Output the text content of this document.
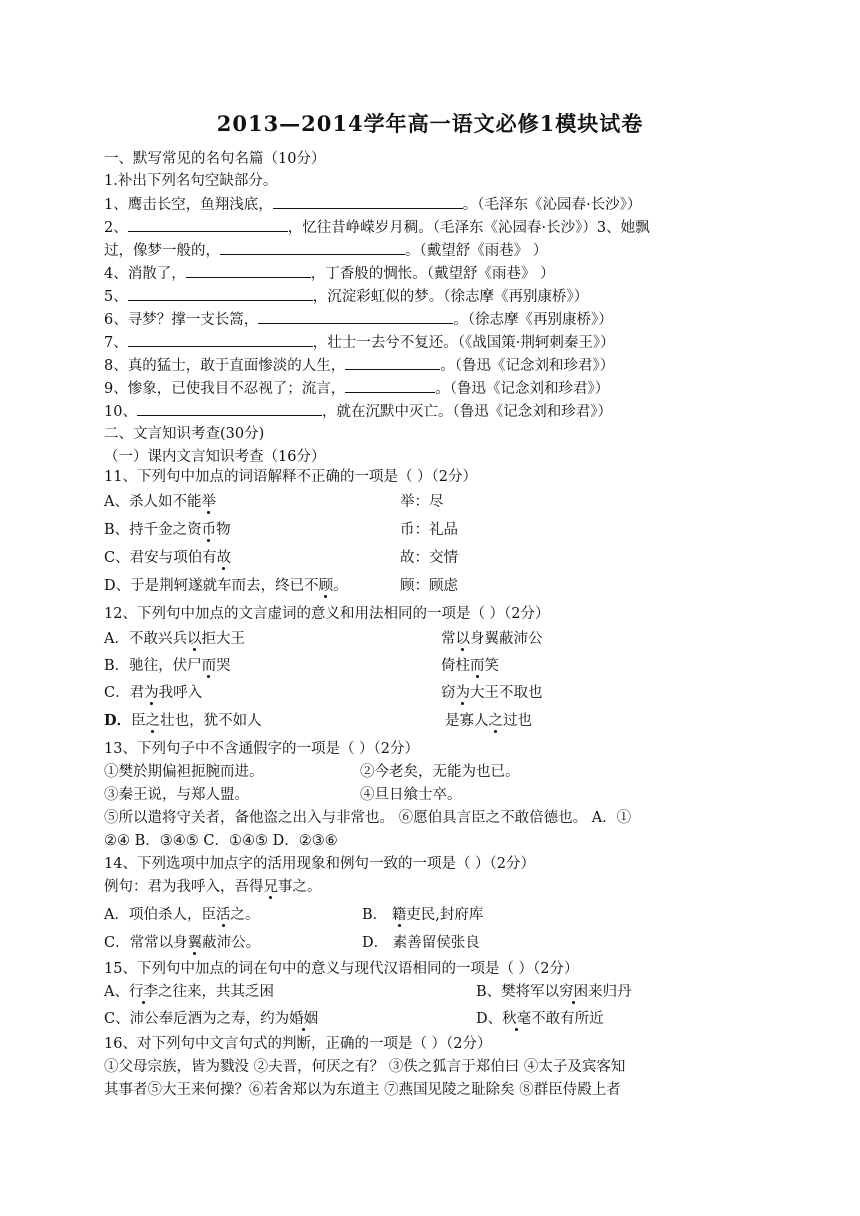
2013—2014学年高一语文必修1模块试卷
一、默写常见的名句名篇（10分）
1.补出下列名句空缺部分。
1、鹰击长空，鱼翔浅底，	。（毛泽东《沁园春·长沙》）
2、	，忆往昔峥嵘岁月稠。（毛泽东《沁园春·长沙》）3、她飘
过，像梦一般的，	。（戴望舒《雨巷》 ）
4、消散了，	，丁香般的惆怅。（戴望舒《雨巷》 ）
5、	，沉淀彩虹似的梦。（徐志摩《再别康桥》）
6、寻梦？撑一支长篙，	。（徐志摩《再别康桥》）
7、	，壮士一去兮不复还。（《战国策·荆轲刺秦王》）
8、真的猛士，敢于直面惨淡的人生，	。（鲁迅《记念刘和珍君》）
9、惨象，已使我目不忍视了；流言，	。（鲁迅《记念刘和珍君》）
10、	，就在沉默中灭亡。（鲁迅《记念刘和珍君》）
二、文言知识考查(30分)
（一）课内文言知识考查（16分）
11、下列句中加点的词语解释不正确的一项是（ ）（2分）
A、杀人如不能举	举：尽
B、持千金之资币物	币：礼品
C、君安与项伯有故	故：交情
D、于是荆轲遂就车而去，终已不顾。	顾：顾虑
12、下列句中加点的文言虚词的意义和用法相同的一项是（ ）（2分）
A．不敢兴兵以拒大王	常以身翼蔽沛公
B．驰往，伏尸而哭	倚柱而笑
C．君为我呼入	窃为大王不取也
D．臣之壮也，犹不如人	是寡人之过也
13、下列句子中不含通假字的一项是（ ）（2分）
①樊於期偏袒扼腕而进。	②今老矣，无能为也已。
③秦王说，与郑人盟。	④旦日飨士卒。
⑤所以遣将守关者，备他盗之出入与非常也。 ⑥愿伯具言臣之不敢倍德也。 A．①
②④ B．③④⑤ C．①④⑤ D．②③⑥
14、下列选项中加点字的活用现象和例句一致的一项是（ ）（2分）
例句：君为我呼入，吾得兄事之。
A．项伯杀人，臣活之。	B． 籍吏民,封府库
C．常常以身翼蔽沛公。	D． 素善留侯张良
15、下列句中加点的词在句中的意义与现代汉语相同的一项是（ ）（2分）
A、行李之往来，共其乏困	B、樊将军以穷困来归丹
C、沛公奉卮酒为之寿，约为婚姻	D、秋毫不敢有所近
16、对下列句中文言句式的判断，正确的一项是（ ）（2分）
①父母宗族，皆为戮没 ②夫晋，何厌之有？ ③佚之狐言于郑伯曰 ④太子及宾客知
其事者⑤大王来何操？⑥若舍郑以为东道主 ⑦燕国见陵之耻除矣 ⑧群臣侍殿上者
